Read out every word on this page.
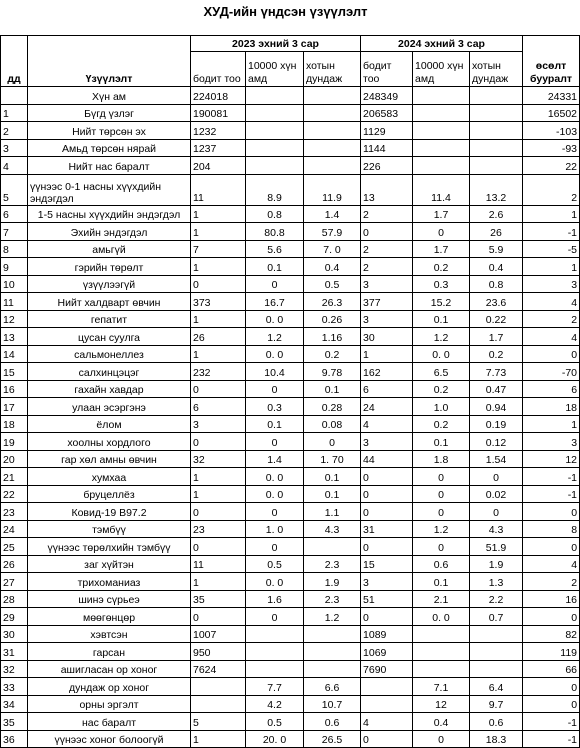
ХУД-ийн үндсэн үзүүлэлт
дд	Үзүүлэлт	2023 эхний 3 сар			2024 эхний 3 сар			өсөлт бууралт
		бодит тоо	10000 хүн амд	хотын дундаж	бодит тоо	10000 хүн амд	хотын дундаж	
	Хүн ам	224018			248349			24331
1	Бүгд үзлэг	190081			206583			16502
2	Нийт төрсөн эх	1232			1129			-103
3	Амьд төрсөн нярай	1237			1144			-93
4	Нийт нас баралт	204			226			22
5	үүнээс 0-1 насны хүүхдийн эндэгдэл	11	8.9	11.9	13	11.4	13.2	2
6	1-5 насны хүүхдийн эндэгдэл	1	0.8	1.4	2	1.7	2.6	1
7	Эхийн эндэгдэл	1	80.8	57.9	0	0	26	-1
8	амьгүй	7	5.6	7. 0	2	1.7	5.9	-5
9	гэрийн төрөлт	1	0.1	0.4	2	0.2	0.4	1
10	үзүүлээгүй	0	0	0.5	3	0.3	0.8	3
11	Нийт халдварт өвчин	373	16.7	26.3	377	15.2	23.6	4
12	гепатит	1	0. 0	0.26	3	0.1	0.22	2
13	цусан суулга	26	1.2	1.16	30	1.2	1.7	4
14	сальмонеллез	1	0. 0	0.2	1	0. 0	0.2	0
15	салхинцэцэг	232	10.4	9.78	162	6.5	7.73	-70
16	гахайн хавдар	0	0	0.1	6	0.2	0.47	6
17	улаан эсэргэнэ	6	0.3	0.28	24	1.0	0.94	18
18	ёлом	3	0.1	0.08	4	0.2	0.19	1
19	хоолны хордлого	0	0	0	3	0.1	0.12	3
20	гар хөл амны өвчин	32	1.4	1. 70	44	1.8	1.54	12
21	хумхаа	1	0. 0	0.1	0	0	0	-1
22	бруцеллёз	1	0. 0	0.1	0	0	0.02	-1
23	Ковид-19 B97.2	0	0	1.1	0	0	0	0
24	тэмбүү	23	1. 0	4.3	31	1.2	4.3	8
25	үүнээс төрөлхийн тэмбүү	0	0		0	0	51.9	0
26	заг хүйтэн	11	0.5	2.3	15	0.6	1.9	4
27	трихоманиаз	1	0. 0	1.9	3	0.1	1.3	2
28	шинэ сүрьеэ	35	1.6	2.3	51	2.1	2.2	16
29	мөөгөнцөр	0	0	1.2	0	0. 0	0.7	0
30	хэвтсэн	1007			1089			82
31	гарсан	950			1069			119
32	ашигласан ор хоног	7624			7690			66
33	дундаж ор хоног		7.7	6.6		7.1	6.4	0
34	орны эргэлт		4.2	10.7		12	9.7	0
35	нас баралт	5	0.5	0.6	4	0.4	0.6	-1
36	үүнээс хоног болоогүй	1	20. 0	26.5	0	0	18.3	-1
